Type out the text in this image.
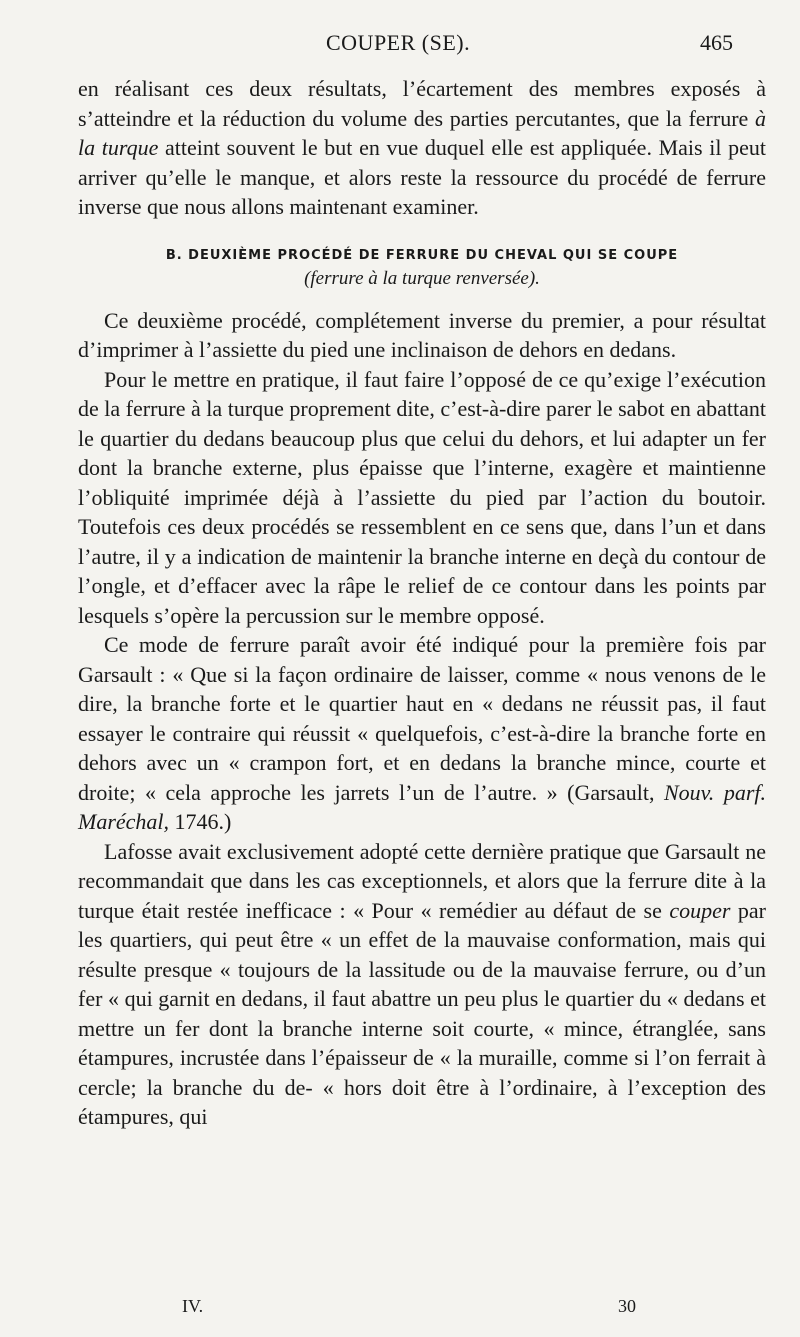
COUPER (SE).	465

en réalisant ces deux résultats, l’écartement des membres exposés à s’atteindre et la réduction du volume des parties percutantes, que la ferrure à la turque atteint souvent le but en vue duquel elle est appliquée. Mais il peut arriver qu’elle le manque, et alors reste la ressource du procédé de ferrure inverse que nous allons maintenant examiner.

B. DEUXIÈME PROCÉDÉ DE FERRURE DU CHEVAL QUI SE COUPE

(ferrure à la turque renversée).

Ce deuxième procédé, complétement inverse du premier, a pour résultat d’imprimer à l’assiette du pied une inclinaison de dehors en dedans.

Pour le mettre en pratique, il faut faire l’opposé de ce qu’exige l’exécution de la ferrure à la turque proprement dite, c’est-à-dire parer le sabot en abattant le quartier du dedans beaucoup plus que celui du dehors, et lui adapter un fer dont la branche externe, plus épaisse que l’interne, exagère et maintienne l’obliquité imprimée déjà à l’assiette du pied par l’action du boutoir. Toutefois ces deux procédés se ressemblent en ce sens que, dans l’un et dans l’autre, il y a indication de maintenir la branche interne en deçà du contour de l’ongle, et d’effacer avec la râpe le relief de ce contour dans les points par lesquels s’opère la percussion sur le membre opposé.

Ce mode de ferrure paraît avoir été indiqué pour la première fois par Garsault : « Que si la façon ordinaire de laisser, comme « nous venons de le dire, la branche forte et le quartier haut en « dedans ne réussit pas, il faut essayer le contraire qui réussit « quelquefois, c’est-à-dire la branche forte en dehors avec un « crampon fort, et en dedans la branche mince, courte et droite; « cela approche les jarrets l’un de l’autre. » (Garsault, Nouv. parf. Maréchal, 1746.)

Lafosse avait exclusivement adopté cette dernière pratique que Garsault ne recommandait que dans les cas exceptionnels, et alors que la ferrure dite à la turque était restée inefficace : « Pour « remédier au défaut de se couper par les quartiers, qui peut être « un effet de la mauvaise conformation, mais qui résulte presque « toujours de la lassitude ou de la mauvaise ferrure, ou d’un fer « qui garnit en dedans, il faut abattre un peu plus le quartier du « dedans et mettre un fer dont la branche interne soit courte, « mince, étranglée, sans étampures, incrustée dans l’épaisseur de « la muraille, comme si l’on ferrait à cercle; la branche du de- « hors doit être à l’ordinaire, à l’exception des étampures, qui

IV.	30
